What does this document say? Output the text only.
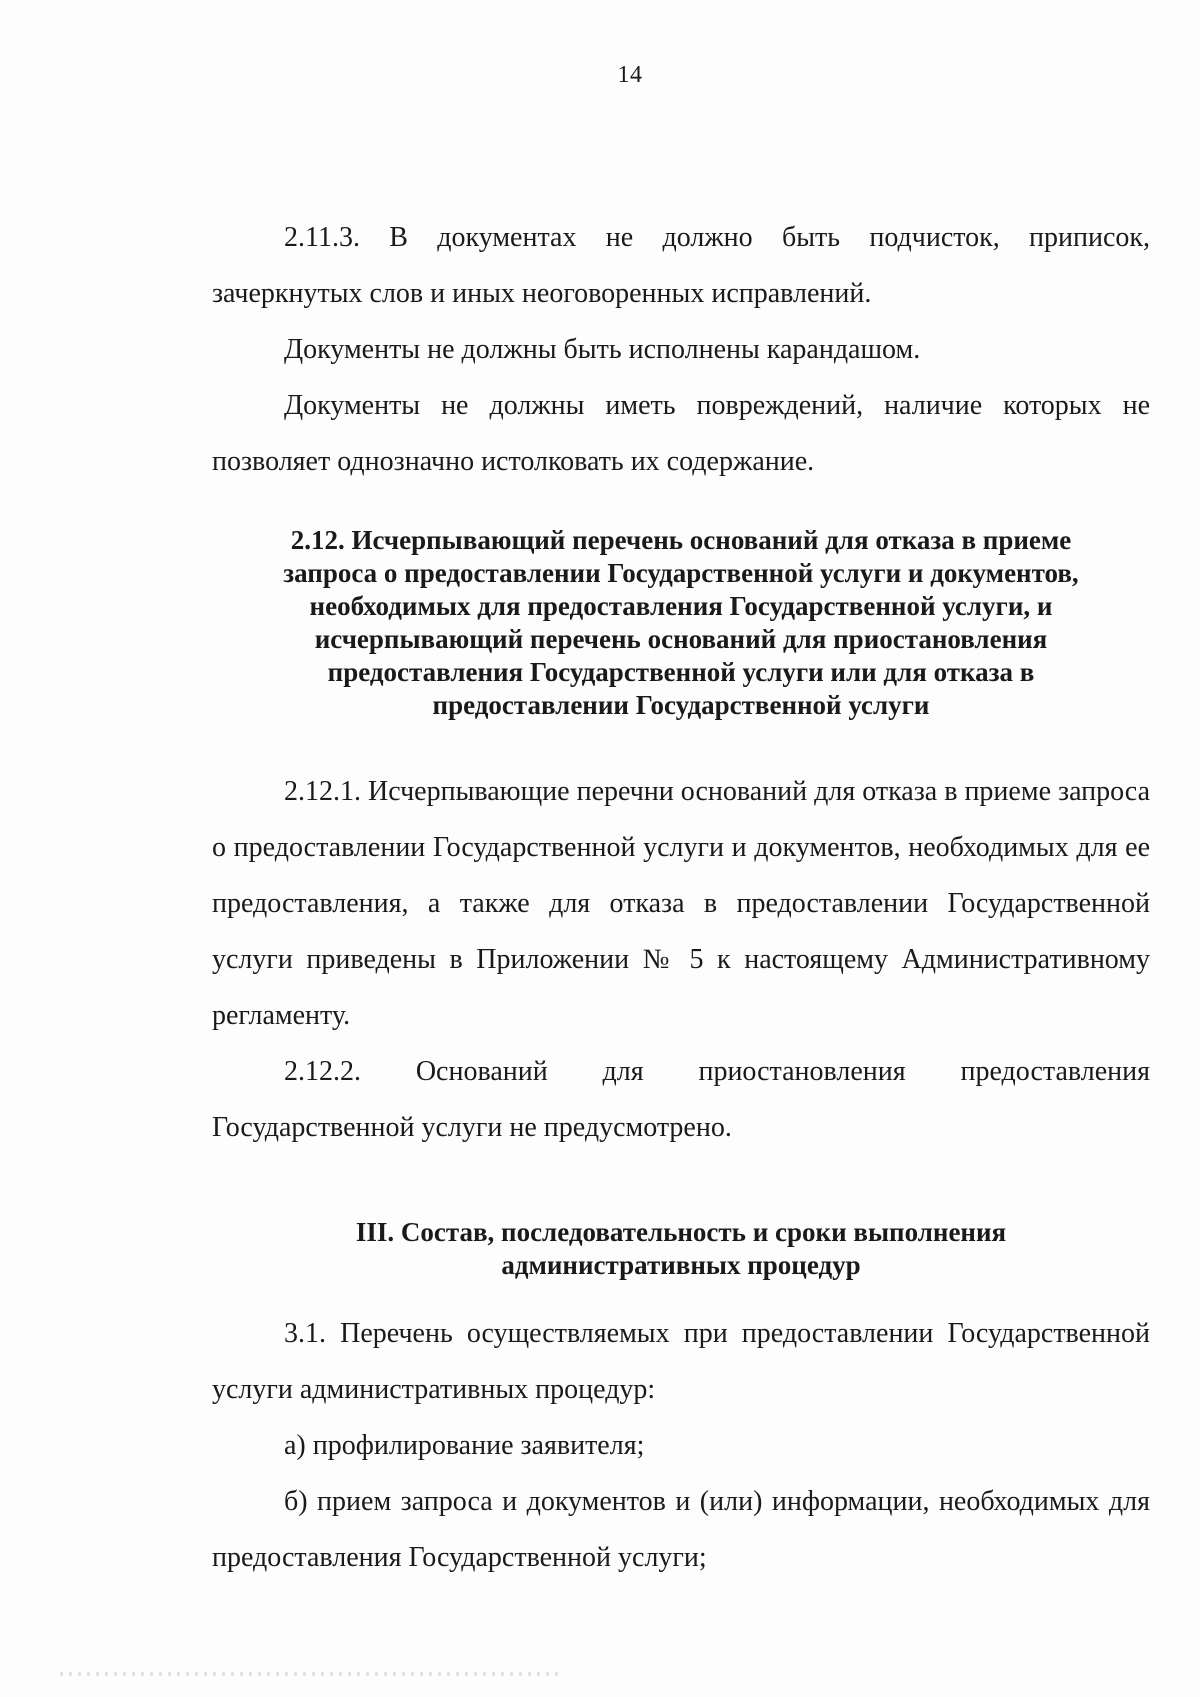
14

2.11.3. В документах не должно быть подчисток, приписок, зачеркнутых слов и иных неоговоренных исправлений.

Документы не должны быть исполнены карандашом.

Документы не должны иметь повреждений, наличие которых не позволяет однозначно истолковать их содержание.

2.12. Исчерпывающий перечень оснований для отказа в приеме запроса о предоставлении Государственной услуги и документов, необходимых для предоставления Государственной услуги, и исчерпывающий перечень оснований для приостановления предоставления Государственной услуги или для отказа в предоставлении Государственной услуги

2.12.1. Исчерпывающие перечни оснований для отказа в приеме запроса о предоставлении Государственной услуги и документов, необходимых для ее предоставления, а также для отказа в предоставлении Государственной услуги приведены в Приложении № 5 к настоящему Административному регламенту.

2.12.2. Оснований для приостановления предоставления Государственной услуги не предусмотрено.

III. Состав, последовательность и сроки выполнения административных процедур

3.1. Перечень осуществляемых при предоставлении Государственной услуги административных процедур:

а) профилирование заявителя;

б) прием запроса и документов и (или) информации, необходимых для предоставления Государственной услуги;
